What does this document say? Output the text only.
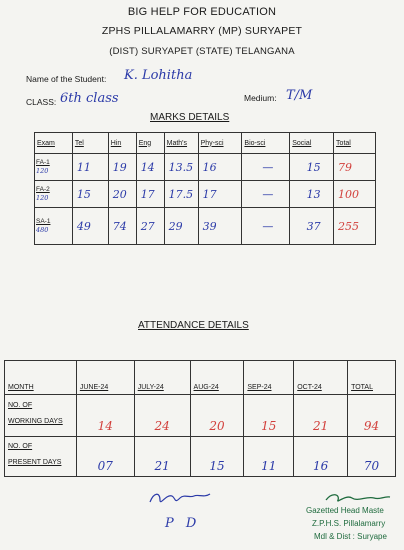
BIG HELP FOR EDUCATION
ZPHS PILLALAMARRY (MP) SURYAPET
(DIST) SURYAPET (STATE) TELANGANA
Name of the Student: K. Lohitha
CLASS: 6th class	Medium: T/M
MARKS DETAILS
Exam	Tel	Hin	Eng	Math's	Phy-sci	Bio-sci	Social	Total

FA-1
120	11	19	14	13.5	16	—	15	79

FA-2
120	15	20	17	17.5	17	—	13	100

SA-1
480	49	74	27	29	39	—	37	255
ATTENDANCE DETAILS
MONTH	JUNE-24	JULY-24	AUG-24	SEP-24	OCT-24	TOTAL

NO. OF
WORKING DAYS	14	24	20	15	21	94

NO. OF
PRESENT DAYS	07	21	15	11	16	70
P D
Gazetted Head Maste
Z.P.H.S. Pillalamarry
Mdl & Dist : Suryape
